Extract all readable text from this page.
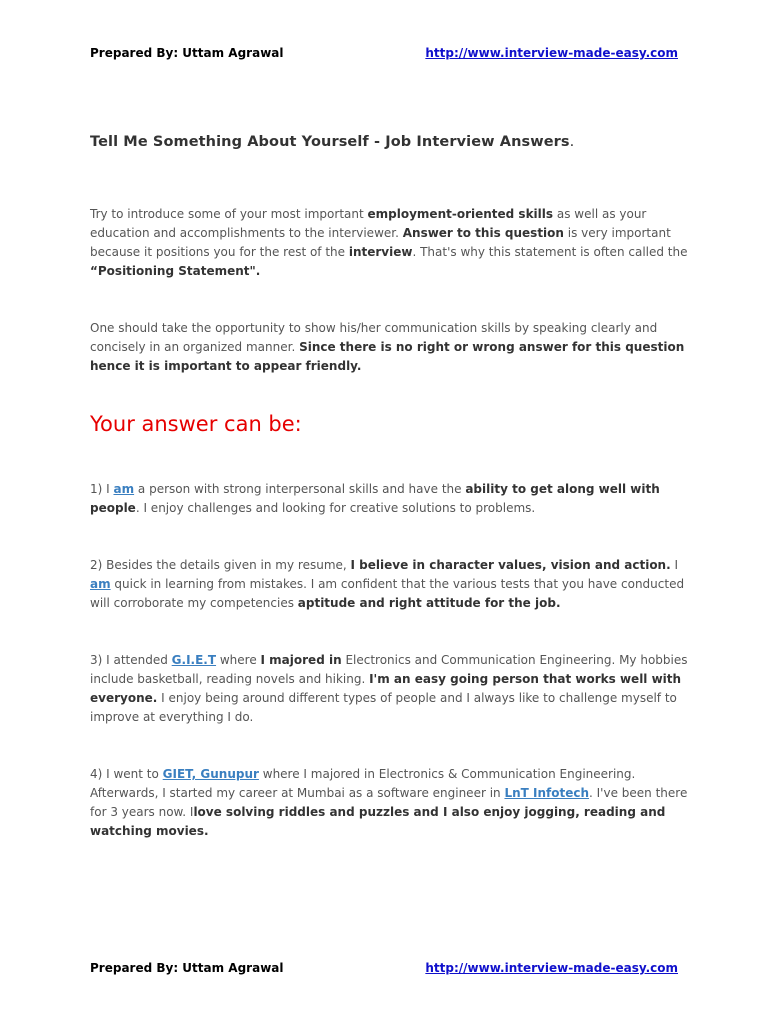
Prepared By: Uttam Agrawal	http://www.interview-made-easy.com
Tell Me Something About Yourself - Job Interview Answers.
Try to introduce some of your most important employment-oriented skills as well as your education and accomplishments to the interviewer. Answer to this question is very important because it positions you for the rest of the interview. That's why this statement is often called the “Positioning Statement".
One should take the opportunity to show his/her communication skills by speaking clearly and concisely in an organized manner. Since there is no right or wrong answer for this question hence it is important to appear friendly.
Your answer can be:
1) I am a person with strong interpersonal skills and have the ability to get along well with people. I enjoy challenges and looking for creative solutions to problems.
2) Besides the details given in my resume, I believe in character values, vision and action. I am quick in learning from mistakes. I am confident that the various tests that you have conducted will corroborate my competencies aptitude and right attitude for the job.
3) I attended G.I.E.T where I majored in Electronics and Communication Engineering. My hobbies include basketball, reading novels and hiking. I'm an easy going person that works well with everyone. I enjoy being around different types of people and I always like to challenge myself to improve at everything I do.
4) I went to GIET, Gunupur where I majored in Electronics & Communication Engineering. Afterwards, I started my career at Mumbai as a software engineer in LnT Infotech. I've been there for 3 years now. Ilove solving riddles and puzzles and I also enjoy jogging, reading and watching movies.
Prepared By: Uttam Agrawal	http://www.interview-made-easy.com
